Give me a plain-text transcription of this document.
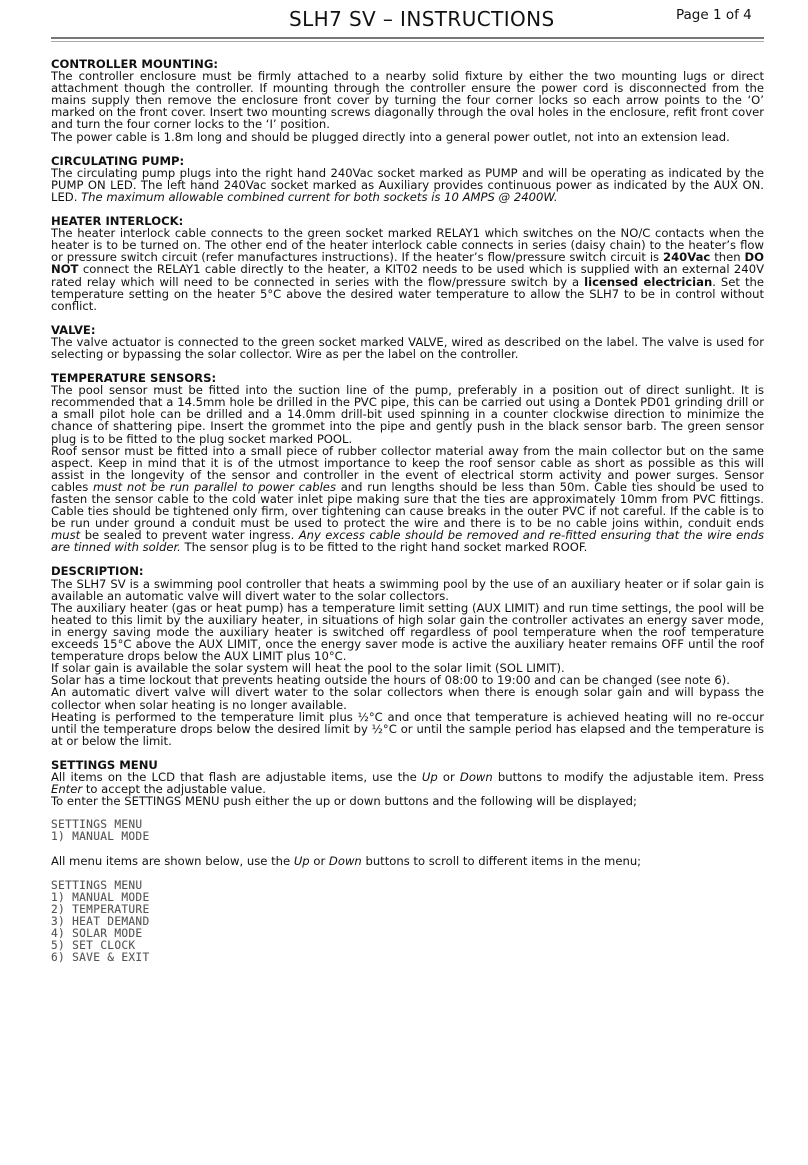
SLH7 SV – INSTRUCTIONS	Page 1 of 4
CONTROLLER MOUNTING:

The controller enclosure must be firmly attached to a nearby solid fixture by either the two mounting lugs or direct attachment though the controller. If mounting through the controller ensure the power cord is disconnected from the mains supply then remove the enclosure front cover by turning the four corner locks so each arrow points to the ‘O’ marked on the front cover. Insert two mounting screws diagonally through the oval holes in the enclosure, refit front cover and turn the four corner locks to the ‘I’ position.

The power cable is 1.8m long and should be plugged directly into a general power outlet, not into an extension lead.

CIRCULATING PUMP:

The circulating pump plugs into the right hand 240Vac socket marked as PUMP and will be operating as indicated by the PUMP ON LED. The left hand 240Vac socket marked as Auxiliary provides continuous power as indicated by the AUX ON. LED. The maximum allowable combined current for both sockets is 10 AMPS @ 2400W.

HEATER INTERLOCK:

The heater interlock cable connects to the green socket marked RELAY1 which switches on the NO/C contacts when the heater is to be turned on. The other end of the heater interlock cable connects in series (daisy chain) to the heater’s flow or pressure switch circuit (refer manufactures instructions). If the heater’s flow/pressure switch circuit is 240Vac then DO NOT connect the RELAY1 cable directly to the heater, a KIT02 needs to be used which is supplied with an external 240V rated relay which will need to be connected in series with the flow/pressure switch by a licensed electrician. Set the temperature setting on the heater 5°C above the desired water temperature to allow the SLH7 to be in control without conflict.

VALVE:

The valve actuator is connected to the green socket marked VALVE, wired as described on the label. The valve is used for selecting or bypassing the solar collector. Wire as per the label on the controller.

TEMPERATURE SENSORS:

The pool sensor must be fitted into the suction line of the pump, preferably in a position out of direct sunlight. It is recommended that a 14.5mm hole be drilled in the PVC pipe, this can be carried out using a Dontek PD01 grinding drill or a small pilot hole can be drilled and a 14.0mm drill-bit used spinning in a counter clockwise direction to minimize the chance of shattering pipe. Insert the grommet into the pipe and gently push in the black sensor barb. The green sensor plug is to be fitted to the plug socket marked POOL.

Roof sensor must be fitted into a small piece of rubber collector material away from the main collector but on the same aspect. Keep in mind that it is of the utmost importance to keep the roof sensor cable as short as possible as this will assist in the longevity of the sensor and controller in the event of electrical storm activity and power surges. Sensor cables must not be run parallel to power cables and run lengths should be less than 50m. Cable ties should be used to fasten the sensor cable to the cold water inlet pipe making sure that the ties are approximately 10mm from PVC fittings. Cable ties should be tightened only firm, over tightening can cause breaks in the outer PVC if not careful. If the cable is to be run under ground a conduit must be used to protect the wire and there is to be no cable joins within, conduit ends must be sealed to prevent water ingress. Any excess cable should be removed and re-fitted ensuring that the wire ends are tinned with solder. The sensor plug is to be fitted to the right hand socket marked ROOF.

DESCRIPTION:

The SLH7 SV is a swimming pool controller that heats a swimming pool by the use of an auxiliary heater or if solar gain is available an automatic valve will divert water to the solar collectors.

The auxiliary heater (gas or heat pump) has a temperature limit setting (AUX LIMIT) and run time settings, the pool will be heated to this limit by the auxiliary heater, in situations of high solar gain the controller activates an energy saver mode, in energy saving mode the auxiliary heater is switched off regardless of pool temperature when the roof temperature exceeds 15°C above the AUX LIMIT, once the energy saver mode is active the auxiliary heater remains OFF until the roof temperature drops below the AUX LIMIT plus 10°C.

If solar gain is available the solar system will heat the pool to the solar limit (SOL LIMIT).

Solar has a time lockout that prevents heating outside the hours of 08:00 to 19:00 and can be changed (see note 6).

An automatic divert valve will divert water to the solar collectors when there is enough solar gain and will bypass the collector when solar heating is no longer available.

Heating is performed to the temperature limit plus ½°C and once that temperature is achieved heating will no re-occur until the temperature drops below the desired limit by ½°C or until the sample period has elapsed and the temperature is at or below the limit.

SETTINGS MENU

All items on the LCD that flash are adjustable items, use the Up or Down buttons to modify the adjustable item. Press Enter to accept the adjustable value.

To enter the SETTINGS MENU push either the up or down buttons and the following will be displayed;

SETTINGS MENU
1) MANUAL MODE

All menu items are shown below, use the Up or Down buttons to scroll to different items in the menu;

SETTINGS MENU
1) MANUAL MODE
2) TEMPERATURE
3) HEAT DEMAND
4) SOLAR MODE
5) SET CLOCK
6) SAVE & EXIT
